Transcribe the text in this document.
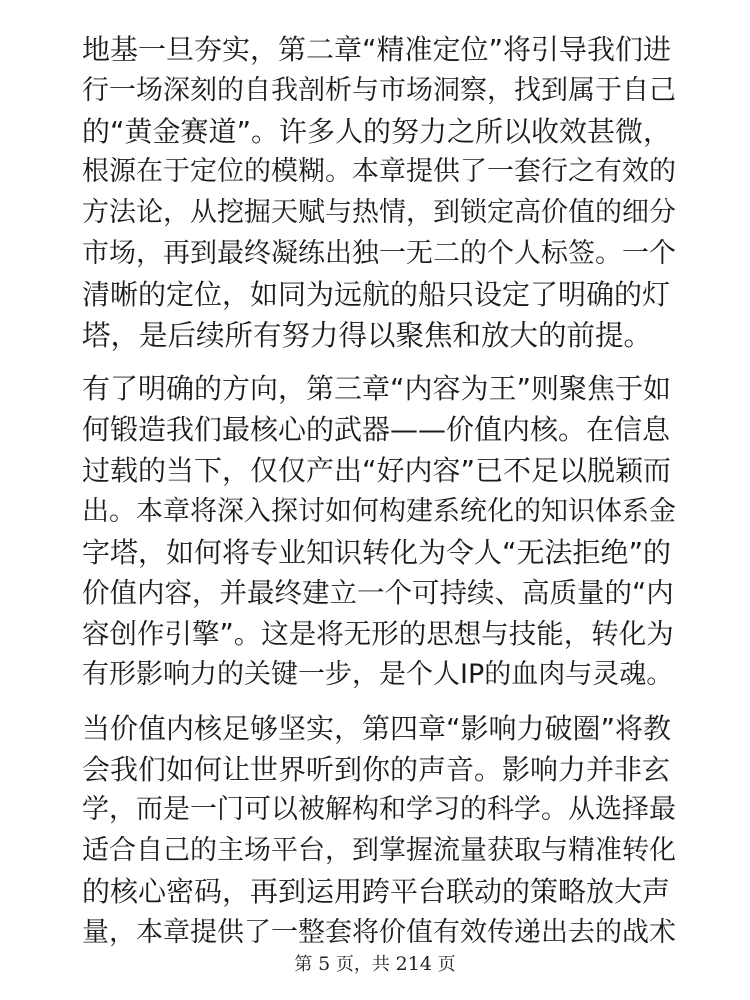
地基一旦夯实，第二章“精准定位”将引导我们进
行一场深刻的自我剖析与市场洞察，找到属于自己
的“黄金赛道”。许多人的努力之所以收效甚微，
根源在于定位的模糊。本章提供了一套行之有效的
方法论，从挖掘天赋与热情，到锁定高价值的细分
市场，再到最终凝练出独一无二的个人标签。一个
清晰的定位，如同为远航的船只设定了明确的灯
塔，是后续所有努力得以聚焦和放大的前提。
有了明确的方向，第三章“内容为王”则聚焦于如
何锻造我们最核心的武器——价值内核。在信息
过载的当下，仅仅产出“好内容”已不足以脱颖而
出。本章将深入探讨如何构建系统化的知识体系金
字塔，如何将专业知识转化为令人“无法拒绝”的
价值内容，并最终建立一个可持续、高质量的“内
容创作引擎”。这是将无形的思想与技能，转化为
有形影响力的关键一步，是个人IP的血肉与灵魂。
当价值内核足够坚实，第四章“影响力破圈”将教
会我们如何让世界听到你的声音。影响力并非玄
学，而是一门可以被解构和学习的科学。从选择最
适合自己的主场平台，到掌握流量获取与精准转化
的核心密码，再到运用跨平台联动的策略放大声
量，本章提供了一整套将价值有效传递出去的战术
第 5 页，共 214 页
